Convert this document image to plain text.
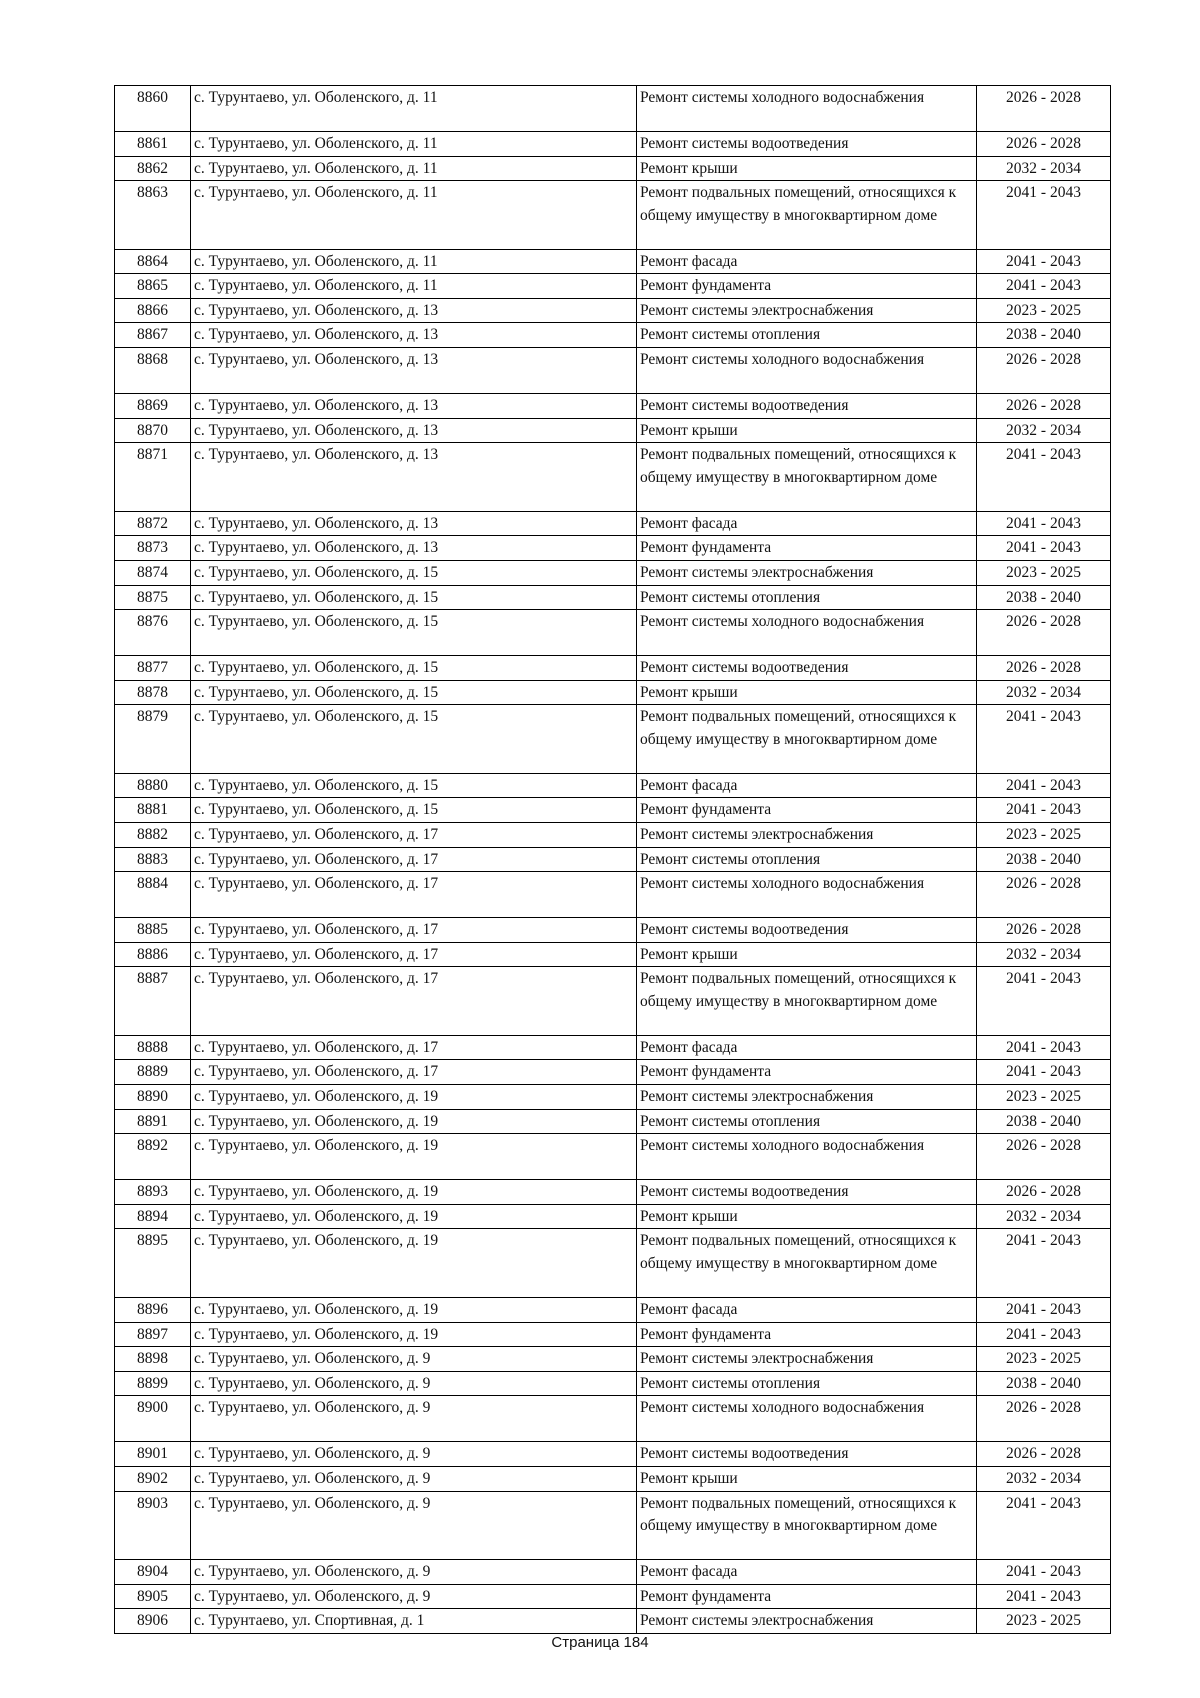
8860	с. Турунтаево, ул. Оболенского, д. 11	Ремонт системы холодного водоснабжения	2026 - 2028
8861	с. Турунтаево, ул. Оболенского, д. 11	Ремонт системы водоотведения	2026 - 2028
8862	с. Турунтаево, ул. Оболенского, д. 11	Ремонт крыши	2032 - 2034
8863	с. Турунтаево, ул. Оболенского, д. 11	Ремонт подвальных помещений, относящихся к общему имуществу в многоквартирном доме	2041 - 2043
8864	с. Турунтаево, ул. Оболенского, д. 11	Ремонт фасада	2041 - 2043
8865	с. Турунтаево, ул. Оболенского, д. 11	Ремонт фундамента	2041 - 2043
8866	с. Турунтаево, ул. Оболенского, д. 13	Ремонт системы электроснабжения	2023 - 2025
8867	с. Турунтаево, ул. Оболенского, д. 13	Ремонт системы отопления	2038 - 2040
8868	с. Турунтаево, ул. Оболенского, д. 13	Ремонт системы холодного водоснабжения	2026 - 2028
8869	с. Турунтаево, ул. Оболенского, д. 13	Ремонт системы водоотведения	2026 - 2028
8870	с. Турунтаево, ул. Оболенского, д. 13	Ремонт крыши	2032 - 2034
8871	с. Турунтаево, ул. Оболенского, д. 13	Ремонт подвальных помещений, относящихся к общему имуществу в многоквартирном доме	2041 - 2043
8872	с. Турунтаево, ул. Оболенского, д. 13	Ремонт фасада	2041 - 2043
8873	с. Турунтаево, ул. Оболенского, д. 13	Ремонт фундамента	2041 - 2043
8874	с. Турунтаево, ул. Оболенского, д. 15	Ремонт системы электроснабжения	2023 - 2025
8875	с. Турунтаево, ул. Оболенского, д. 15	Ремонт системы отопления	2038 - 2040
8876	с. Турунтаево, ул. Оболенского, д. 15	Ремонт системы холодного водоснабжения	2026 - 2028
8877	с. Турунтаево, ул. Оболенского, д. 15	Ремонт системы водоотведения	2026 - 2028
8878	с. Турунтаево, ул. Оболенского, д. 15	Ремонт крыши	2032 - 2034
8879	с. Турунтаево, ул. Оболенского, д. 15	Ремонт подвальных помещений, относящихся к общему имуществу в многоквартирном доме	2041 - 2043
8880	с. Турунтаево, ул. Оболенского, д. 15	Ремонт фасада	2041 - 2043
8881	с. Турунтаево, ул. Оболенского, д. 15	Ремонт фундамента	2041 - 2043
8882	с. Турунтаево, ул. Оболенского, д. 17	Ремонт системы электроснабжения	2023 - 2025
8883	с. Турунтаево, ул. Оболенского, д. 17	Ремонт системы отопления	2038 - 2040
8884	с. Турунтаево, ул. Оболенского, д. 17	Ремонт системы холодного водоснабжения	2026 - 2028
8885	с. Турунтаево, ул. Оболенского, д. 17	Ремонт системы водоотведения	2026 - 2028
8886	с. Турунтаево, ул. Оболенского, д. 17	Ремонт крыши	2032 - 2034
8887	с. Турунтаево, ул. Оболенского, д. 17	Ремонт подвальных помещений, относящихся к общему имуществу в многоквартирном доме	2041 - 2043
8888	с. Турунтаево, ул. Оболенского, д. 17	Ремонт фасада	2041 - 2043
8889	с. Турунтаево, ул. Оболенского, д. 17	Ремонт фундамента	2041 - 2043
8890	с. Турунтаево, ул. Оболенского, д. 19	Ремонт системы электроснабжения	2023 - 2025
8891	с. Турунтаево, ул. Оболенского, д. 19	Ремонт системы отопления	2038 - 2040
8892	с. Турунтаево, ул. Оболенского, д. 19	Ремонт системы холодного водоснабжения	2026 - 2028
8893	с. Турунтаево, ул. Оболенского, д. 19	Ремонт системы водоотведения	2026 - 2028
8894	с. Турунтаево, ул. Оболенского, д. 19	Ремонт крыши	2032 - 2034
8895	с. Турунтаево, ул. Оболенского, д. 19	Ремонт подвальных помещений, относящихся к общему имуществу в многоквартирном доме	2041 - 2043
8896	с. Турунтаево, ул. Оболенского, д. 19	Ремонт фасада	2041 - 2043
8897	с. Турунтаево, ул. Оболенского, д. 19	Ремонт фундамента	2041 - 2043
8898	с. Турунтаево, ул. Оболенского, д. 9	Ремонт системы электроснабжения	2023 - 2025
8899	с. Турунтаево, ул. Оболенского, д. 9	Ремонт системы отопления	2038 - 2040
8900	с. Турунтаево, ул. Оболенского, д. 9	Ремонт системы холодного водоснабжения	2026 - 2028
8901	с. Турунтаево, ул. Оболенского, д. 9	Ремонт системы водоотведения	2026 - 2028
8902	с. Турунтаево, ул. Оболенского, д. 9	Ремонт крыши	2032 - 2034
8903	с. Турунтаево, ул. Оболенского, д. 9	Ремонт подвальных помещений, относящихся к общему имуществу в многоквартирном доме	2041 - 2043
8904	с. Турунтаево, ул. Оболенского, д. 9	Ремонт фасада	2041 - 2043
8905	с. Турунтаево, ул. Оболенского, д. 9	Ремонт фундамента	2041 - 2043
8906	с. Турунтаево, ул. Спортивная, д. 1	Ремонт системы электроснабжения	2023 - 2025
Страница 184
